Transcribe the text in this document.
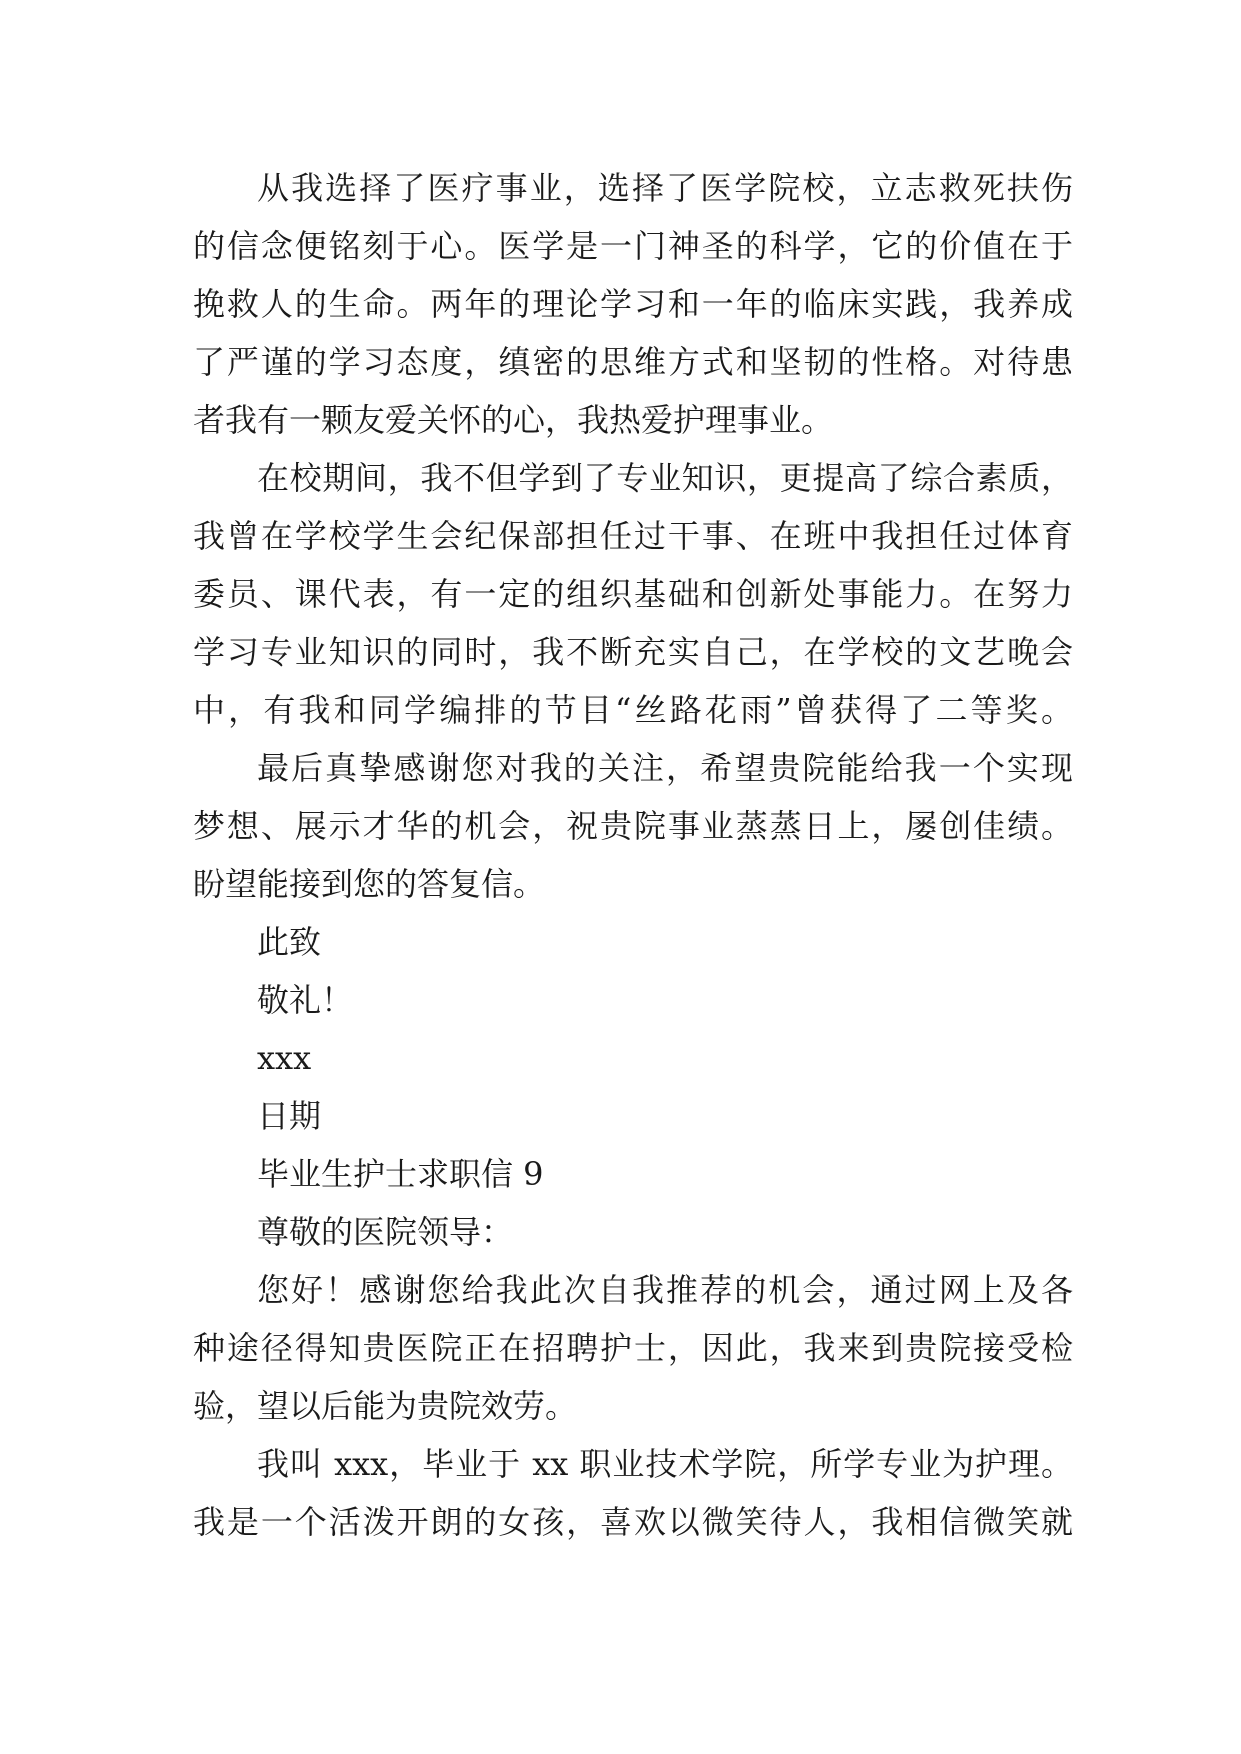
从我选择了医疗事业，选择了医学院校，立志救死扶伤
的信念便铭刻于心。医学是一门神圣的科学，它的价值在于
挽救人的生命。两年的理论学习和一年的临床实践，我养成
了严谨的学习态度，缜密的思维方式和坚韧的性格。对待患
者我有一颗友爱关怀的心，我热爱护理事业。
在校期间，我不但学到了专业知识，更提高了综合素质，
我曾在学校学生会纪保部担任过干事、在班中我担任过体育
委员、课代表，有一定的组织基础和创新处事能力。在努力
学习专业知识的同时，我不断充实自己，在学校的文艺晚会
中，有我和同学编排的节目“丝路花雨”曾获得了二等奖。
最后真挚感谢您对我的关注，希望贵院能给我一个实现
梦想、展示才华的机会，祝贵院事业蒸蒸日上，屡创佳绩。
盼望能接到您的答复信。
此致
敬礼！
xxx
日期
毕业生护士求职信 9
尊敬的医院领导：
您好！感谢您给我此次自我推荐的机会，通过网上及各
种途径得知贵医院正在招聘护士，因此，我来到贵院接受检
验，望以后能为贵院效劳。
我叫 xxx，毕业于 xx 职业技术学院，所学专业为护理。
我是一个活泼开朗的女孩，喜欢以微笑待人，我相信微笑就
